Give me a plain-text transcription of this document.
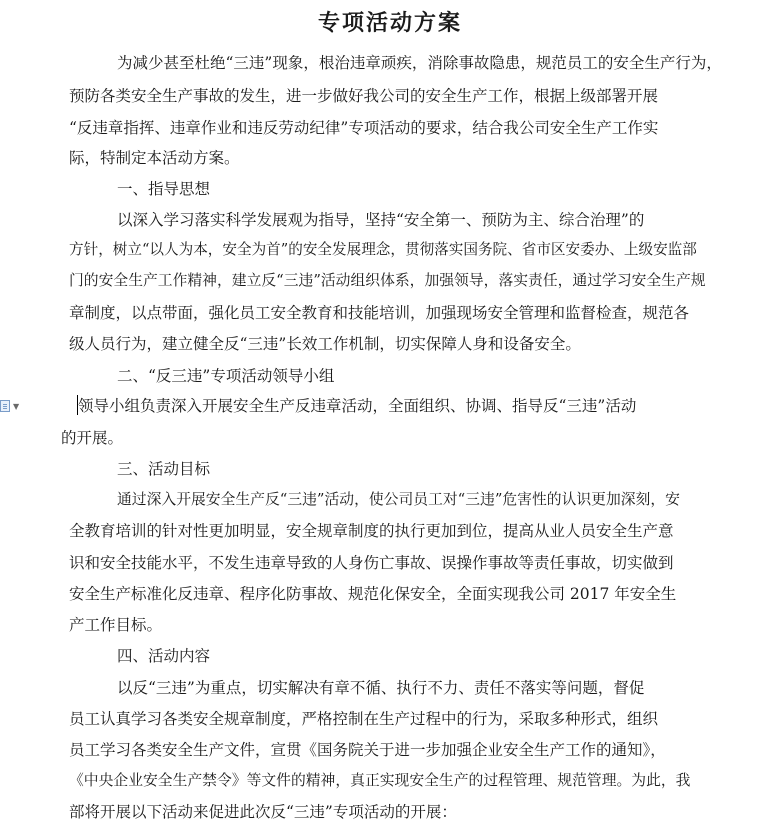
专项活动方案
为减少甚至杜绝“三违”现象，根治违章顽疾，消除事故隐患，规范员工的安全生产行为，
预防各类安全生产事故的发生，进一步做好我公司的安全生产工作，根据上级部署开展
“反违章指挥、违章作业和违反劳动纪律”专项活动的要求，结合我公司安全生产工作实
际，特制定本活动方案。
一、指导思想
以深入学习落实科学发展观为指导，坚持“安全第一、预防为主、综合治理”的
方针，树立“以人为本，安全为首”的安全发展理念，贯彻落实国务院、省市区安委办、上级安监部
门的安全生产工作精神，建立反“三违”活动组织体系，加强领导，落实责任，通过学习安全生产规
章制度，以点带面，强化员工安全教育和技能培训，加强现场安全管理和监督检查，规范各
级人员行为，建立健全反“三违”长效工作机制，切实保障人身和设备安全。
二、“反三违”专项活动领导小组
▼	领导小组负责深入开展安全生产反违章活动，全面组织、协调、指导反“三违”活动
的开展。
三、活动目标
通过深入开展安全生产反“三违”活动，使公司员工对“三违”危害性的认识更加深刻，安
全教育培训的针对性更加明显，安全规章制度的执行更加到位，提高从业人员安全生产意
识和安全技能水平，不发生违章导致的人身伤亡事故、误操作事故等责任事故，切实做到
安全生产标准化反违章、程序化防事故、规范化保安全，全面实现我公司 2017 年安全生
产工作目标。
四、活动内容
以反“三违”为重点，切实解决有章不循、执行不力、责任不落实等问题，督促
员工认真学习各类安全规章制度，严格控制在生产过程中的行为，采取多种形式，组织
员工学习各类安全生产文件，宣贯《国务院关于进一步加强企业安全生产工作的通知》，
《中央企业安全生产禁令》等文件的精神，真正实现安全生产的过程管理、规范管理。为此，我
部将开展以下活动来促进此次反“三违”专项活动的开展：
